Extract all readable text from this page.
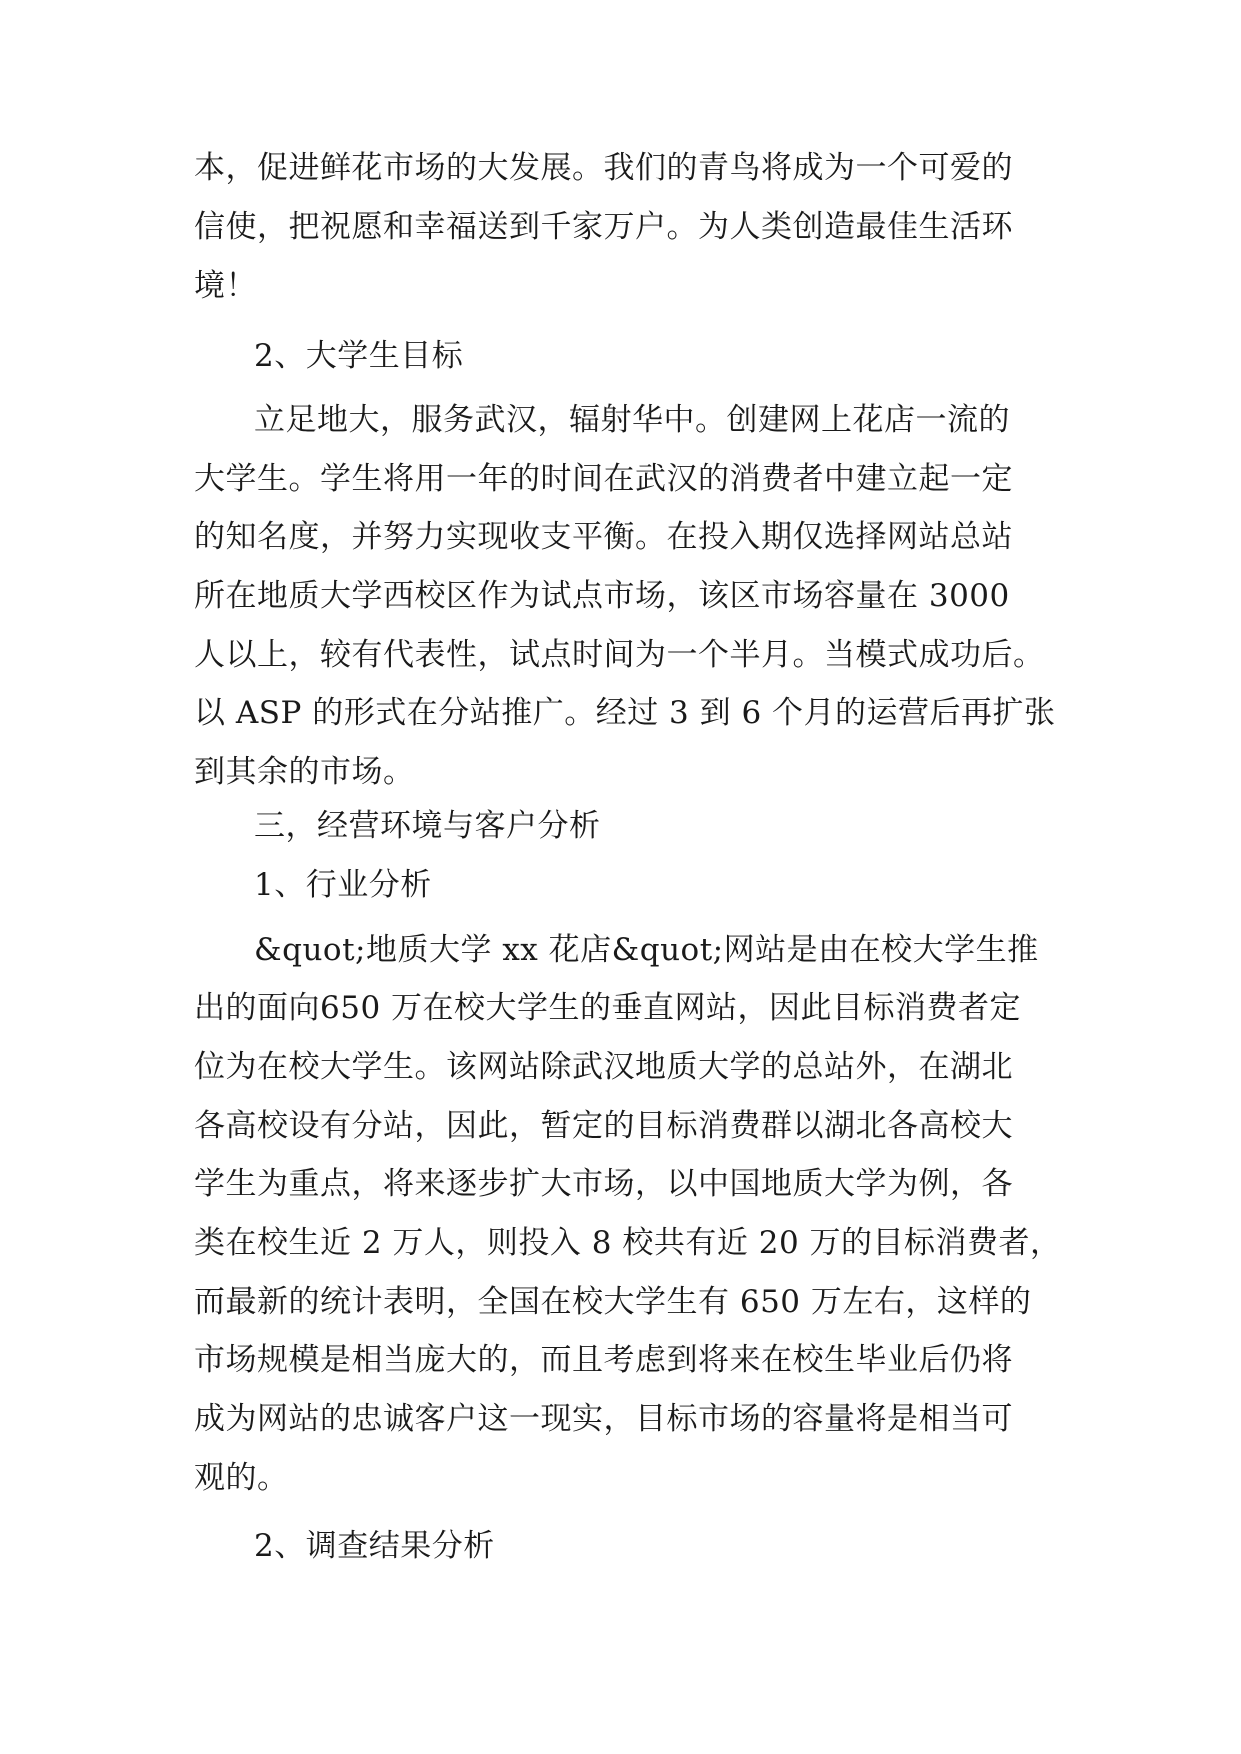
本，促进鲜花市场的大发展。我们的青鸟将成为一个可爱的
信使，把祝愿和幸福送到千家万户。为人类创造最佳生活环
境！
2、大学生目标
立足地大，服务武汉，辐射华中。创建网上花店一流的
大学生。学生将用一年的时间在武汉的消费者中建立起一定
的知名度，并努力实现收支平衡。在投入期仅选择网站总站
所在地质大学西校区作为试点市场，该区市场容量在 3000
人以上，较有代表性，试点时间为一个半月。当模式成功后。
以 ASP 的形式在分站推广。经过 3 到 6 个月的运营后再扩张
到其余的市场。
三，经营环境与客户分析
1、行业分析
&quot;地质大学 xx 花店&quot;网站是由在校大学生推
出的面向650 万在校大学生的垂直网站，因此目标消费者定
位为在校大学生。该网站除武汉地质大学的总站外，在湖北
各高校设有分站，因此，暂定的目标消费群以湖北各高校大
学生为重点，将来逐步扩大市场，以中国地质大学为例，各
类在校生近 2 万人，则投入 8 校共有近 20 万的目标消费者，
而最新的统计表明，全国在校大学生有 650 万左右，这样的
市场规模是相当庞大的，而且考虑到将来在校生毕业后仍将
成为网站的忠诚客户这一现实，目标市场的容量将是相当可
观的。
2、调查结果分析
